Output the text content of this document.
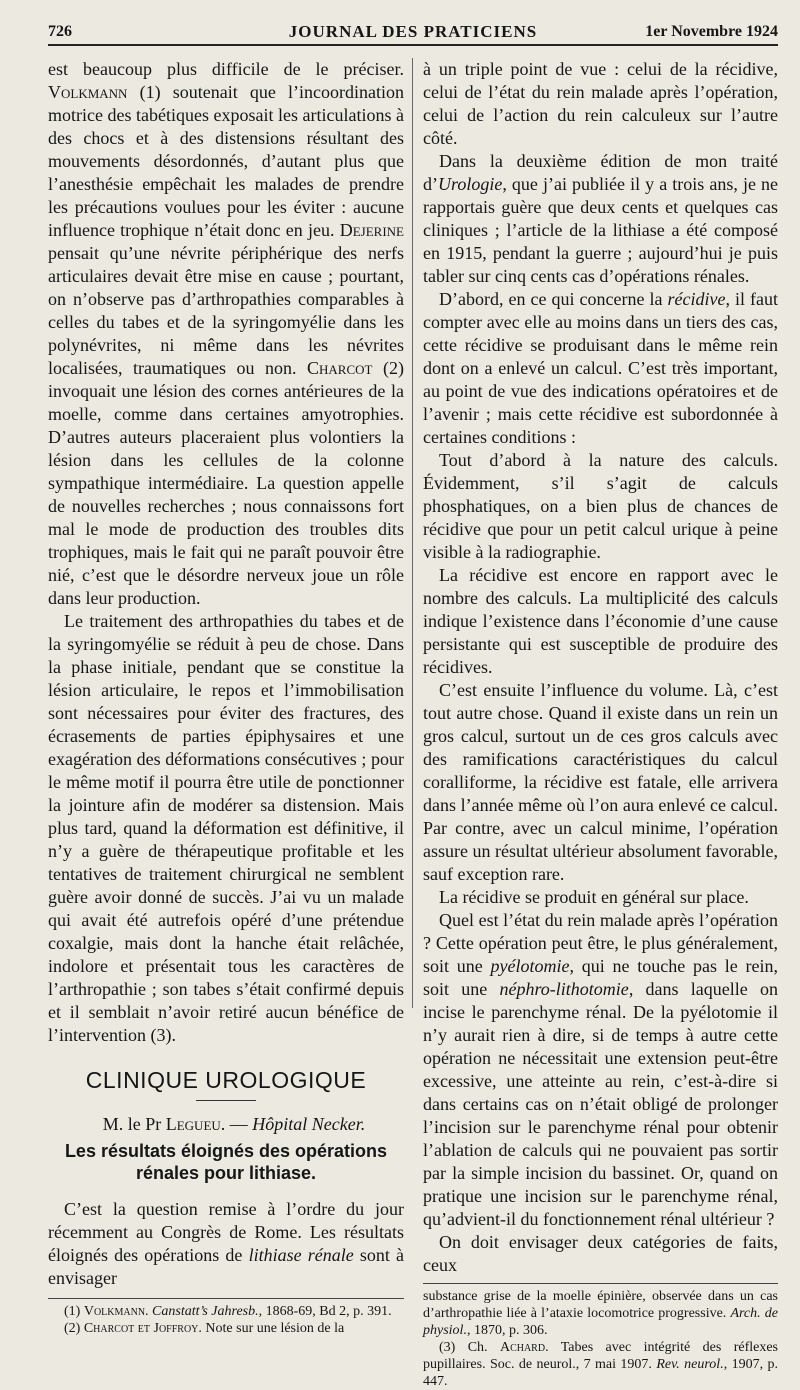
726	JOURNAL DES PRATICIENS	1er Novembre 1924

est beaucoup plus difficile de le préciser. Volkmann (1) soutenait que l’incoordination motrice des tabétiques exposait les articulations à des chocs et à des distensions résultant des mouvements désordonnés, d’autant plus que l’anesthésie empêchait les malades de prendre les précautions voulues pour les éviter : aucune influence trophique n’était donc en jeu. Dejerine pensait qu’une névrite périphérique des nerfs articulaires devait être mise en cause ; pourtant, on n’observe pas d’arthropathies comparables à celles du tabes et de la syringomyélie dans les polynévrites, ni même dans les névrites localisées, traumatiques ou non. Charcot (2) invoquait une lésion des cornes antérieures de la moelle, comme dans certaines amyotrophies. D’autres auteurs placeraient plus volontiers la lésion dans les cellules de la colonne sympathique intermédiaire. La question appelle de nouvelles recherches ; nous connaissons fort mal le mode de production des troubles dits trophiques, mais le fait qui ne paraît pouvoir être nié, c’est que le désordre nerveux joue un rôle dans leur production.

Le traitement des arthropathies du tabes et de la syringomyélie se réduit à peu de chose. Dans la phase initiale, pendant que se constitue la lésion articulaire, le repos et l’immobilisation sont nécessaires pour éviter des fractures, des écrasements de parties épiphysaires et une exagération des déformations consécutives ; pour le même motif il pourra être utile de ponctionner la jointure afin de modérer sa distension. Mais plus tard, quand la déformation est définitive, il n’y a guère de thérapeutique profitable et les tentatives de traitement chirurgical ne semblent guère avoir donné de succès. J’ai vu un malade qui avait été autrefois opéré d’une prétendue coxalgie, mais dont la hanche était relâchée, indolore et présentait tous les caractères de l’arthropathie ; son tabes s’était confirmé depuis et il semblait n’avoir retiré aucun bénéfice de l’intervention (3).

CLINIQUE UROLOGIQUE

M. le Pr Legueu. — Hôpital Necker.

Les résultats éloignés des opérations rénales pour lithiase.

C’est la question remise à l’ordre du jour récemment au Congrès de Rome. Les résultats éloignés des opérations de lithiase rénale sont à envisager

(1) Volkmann. Canstatt’s Jahresb., 1868-69, Bd 2, p. 391.

(2) Charcot et Joffroy. Note sur une lésion de la

à un triple point de vue : celui de la récidive, celui de l’état du rein malade après l’opération, celui de l’action du rein calculeux sur l’autre côté.

Dans la deuxième édition de mon traité d’Urologie, que j’ai publiée il y a trois ans, je ne rapportais guère que deux cents et quelques cas cliniques ; l’article de la lithiase a été composé en 1915, pendant la guerre ; aujourd’hui je puis tabler sur cinq cents cas d’opérations rénales.

D’abord, en ce qui concerne la récidive, il faut compter avec elle au moins dans un tiers des cas, cette récidive se produisant dans le même rein dont on a enlevé un calcul. C’est très important, au point de vue des indications opératoires et de l’avenir ; mais cette récidive est subordonnée à certaines conditions :

Tout d’abord à la nature des calculs. Évidemment, s’il s’agit de calculs phosphatiques, on a bien plus de chances de récidive que pour un petit calcul urique à peine visible à la radiographie.

La récidive est encore en rapport avec le nombre des calculs. La multiplicité des calculs indique l’existence dans l’économie d’une cause persistante qui est susceptible de produire des récidives.

C’est ensuite l’influence du volume. Là, c’est tout autre chose. Quand il existe dans un rein un gros calcul, surtout un de ces gros calculs avec des ramifications caractéristiques du calcul coralliforme, la récidive est fatale, elle arrivera dans l’année même où l’on aura enlevé ce calcul. Par contre, avec un calcul minime, l’opération assure un résultat ultérieur absolument favorable, sauf exception rare.

La récidive se produit en général sur place.

Quel est l’état du rein malade après l’opération ? Cette opération peut être, le plus généralement, soit une pyélotomie, qui ne touche pas le rein, soit une néphro-lithotomie, dans laquelle on incise le parenchyme rénal. De la pyélotomie il n’y aurait rien à dire, si de temps à autre cette opération ne nécessitait une extension peut-être excessive, une atteinte au rein, c’est-à-dire si dans certains cas on n’était obligé de prolonger l’incision sur le parenchyme rénal pour obtenir l’ablation de calculs qui ne pouvaient pas sortir par la simple incision du bassinet. Or, quand on pratique une incision sur le parenchyme rénal, qu’advient-il du fonctionnement rénal ultérieur ?

On doit envisager deux catégories de faits, ceux

substance grise de la moelle épinière, observée dans un cas d’arthropathie liée à l’ataxie locomotrice progressive. Arch. de physiol., 1870, p. 306.

(3) Ch. Achard. Tabes avec intégrité des réflexes pupillaires. Soc. de neurol., 7 mai 1907. Rev. neurol., 1907, p. 447.
